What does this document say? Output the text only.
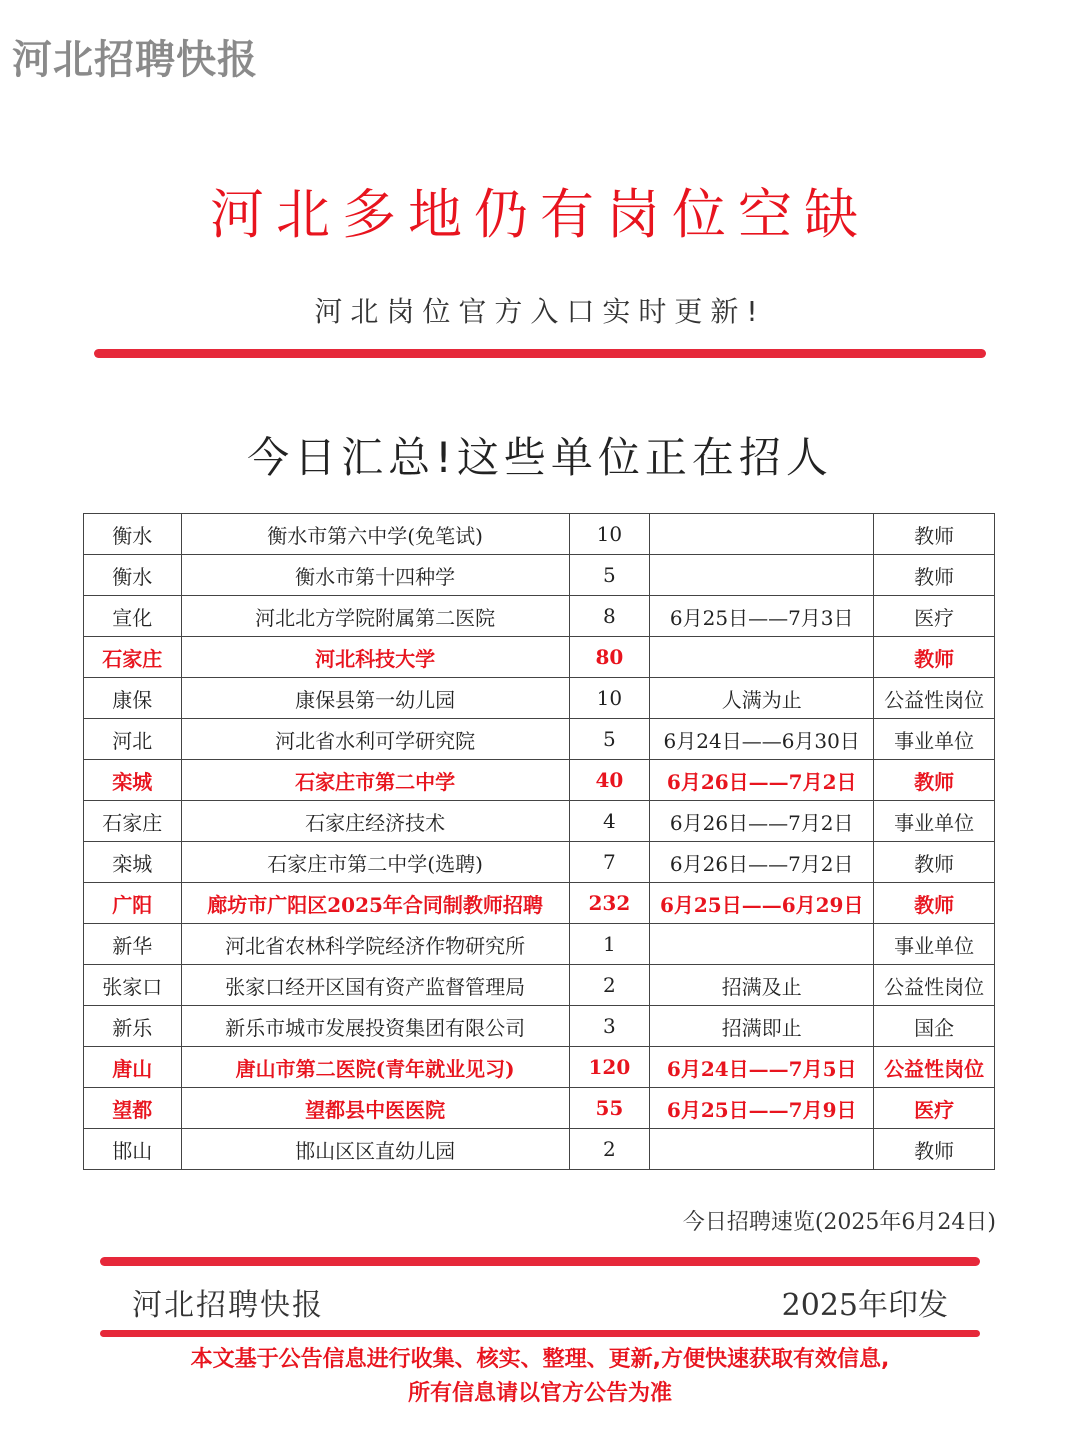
河北招聘快报
河北多地仍有岗位空缺
河北岗位官方入口实时更新!
今日汇总!这些单位正在招人
衡水	衡水市第六中学(免笔试)	10		教师
衡水	衡水市第十四种学	5		教师
宣化	河北北方学院附属第二医院	8	6月25日——7月3日	医疗
石家庄	河北科技大学	80		教师
康保	康保县第一幼儿园	10	人满为止	公益性岗位
河北	河北省水利可学研究院	5	6月24日——6月30日	事业单位
栾城	石家庄市第二中学	40	6月26日——7月2日	教师
石家庄	石家庄经济技术	4	6月26日——7月2日	事业单位
栾城	石家庄市第二中学(选聘)	7	6月26日——7月2日	教师
广阳	廊坊市广阳区2025年合同制教师招聘	232	6月25日——6月29日	教师
新华	河北省农林科学院经济作物研究所	1		事业单位
张家口	张家口经开区国有资产监督管理局	2	招满及止	公益性岗位
新乐	新乐市城市发展投资集团有限公司	3	招满即止	国企
唐山	唐山市第二医院(青年就业见习)	120	6月24日——7月5日	公益性岗位
望都	望都县中医医院	55	6月25日——7月9日	医疗
邯山	邯山区区直幼儿园	2		教师
今日招聘速览(2025年6月24日)
河北招聘快报	2025年印发
本文基于公告信息进行收集、核实、整理、更新,方便快速获取有效信息,
所有信息请以官方公告为准
